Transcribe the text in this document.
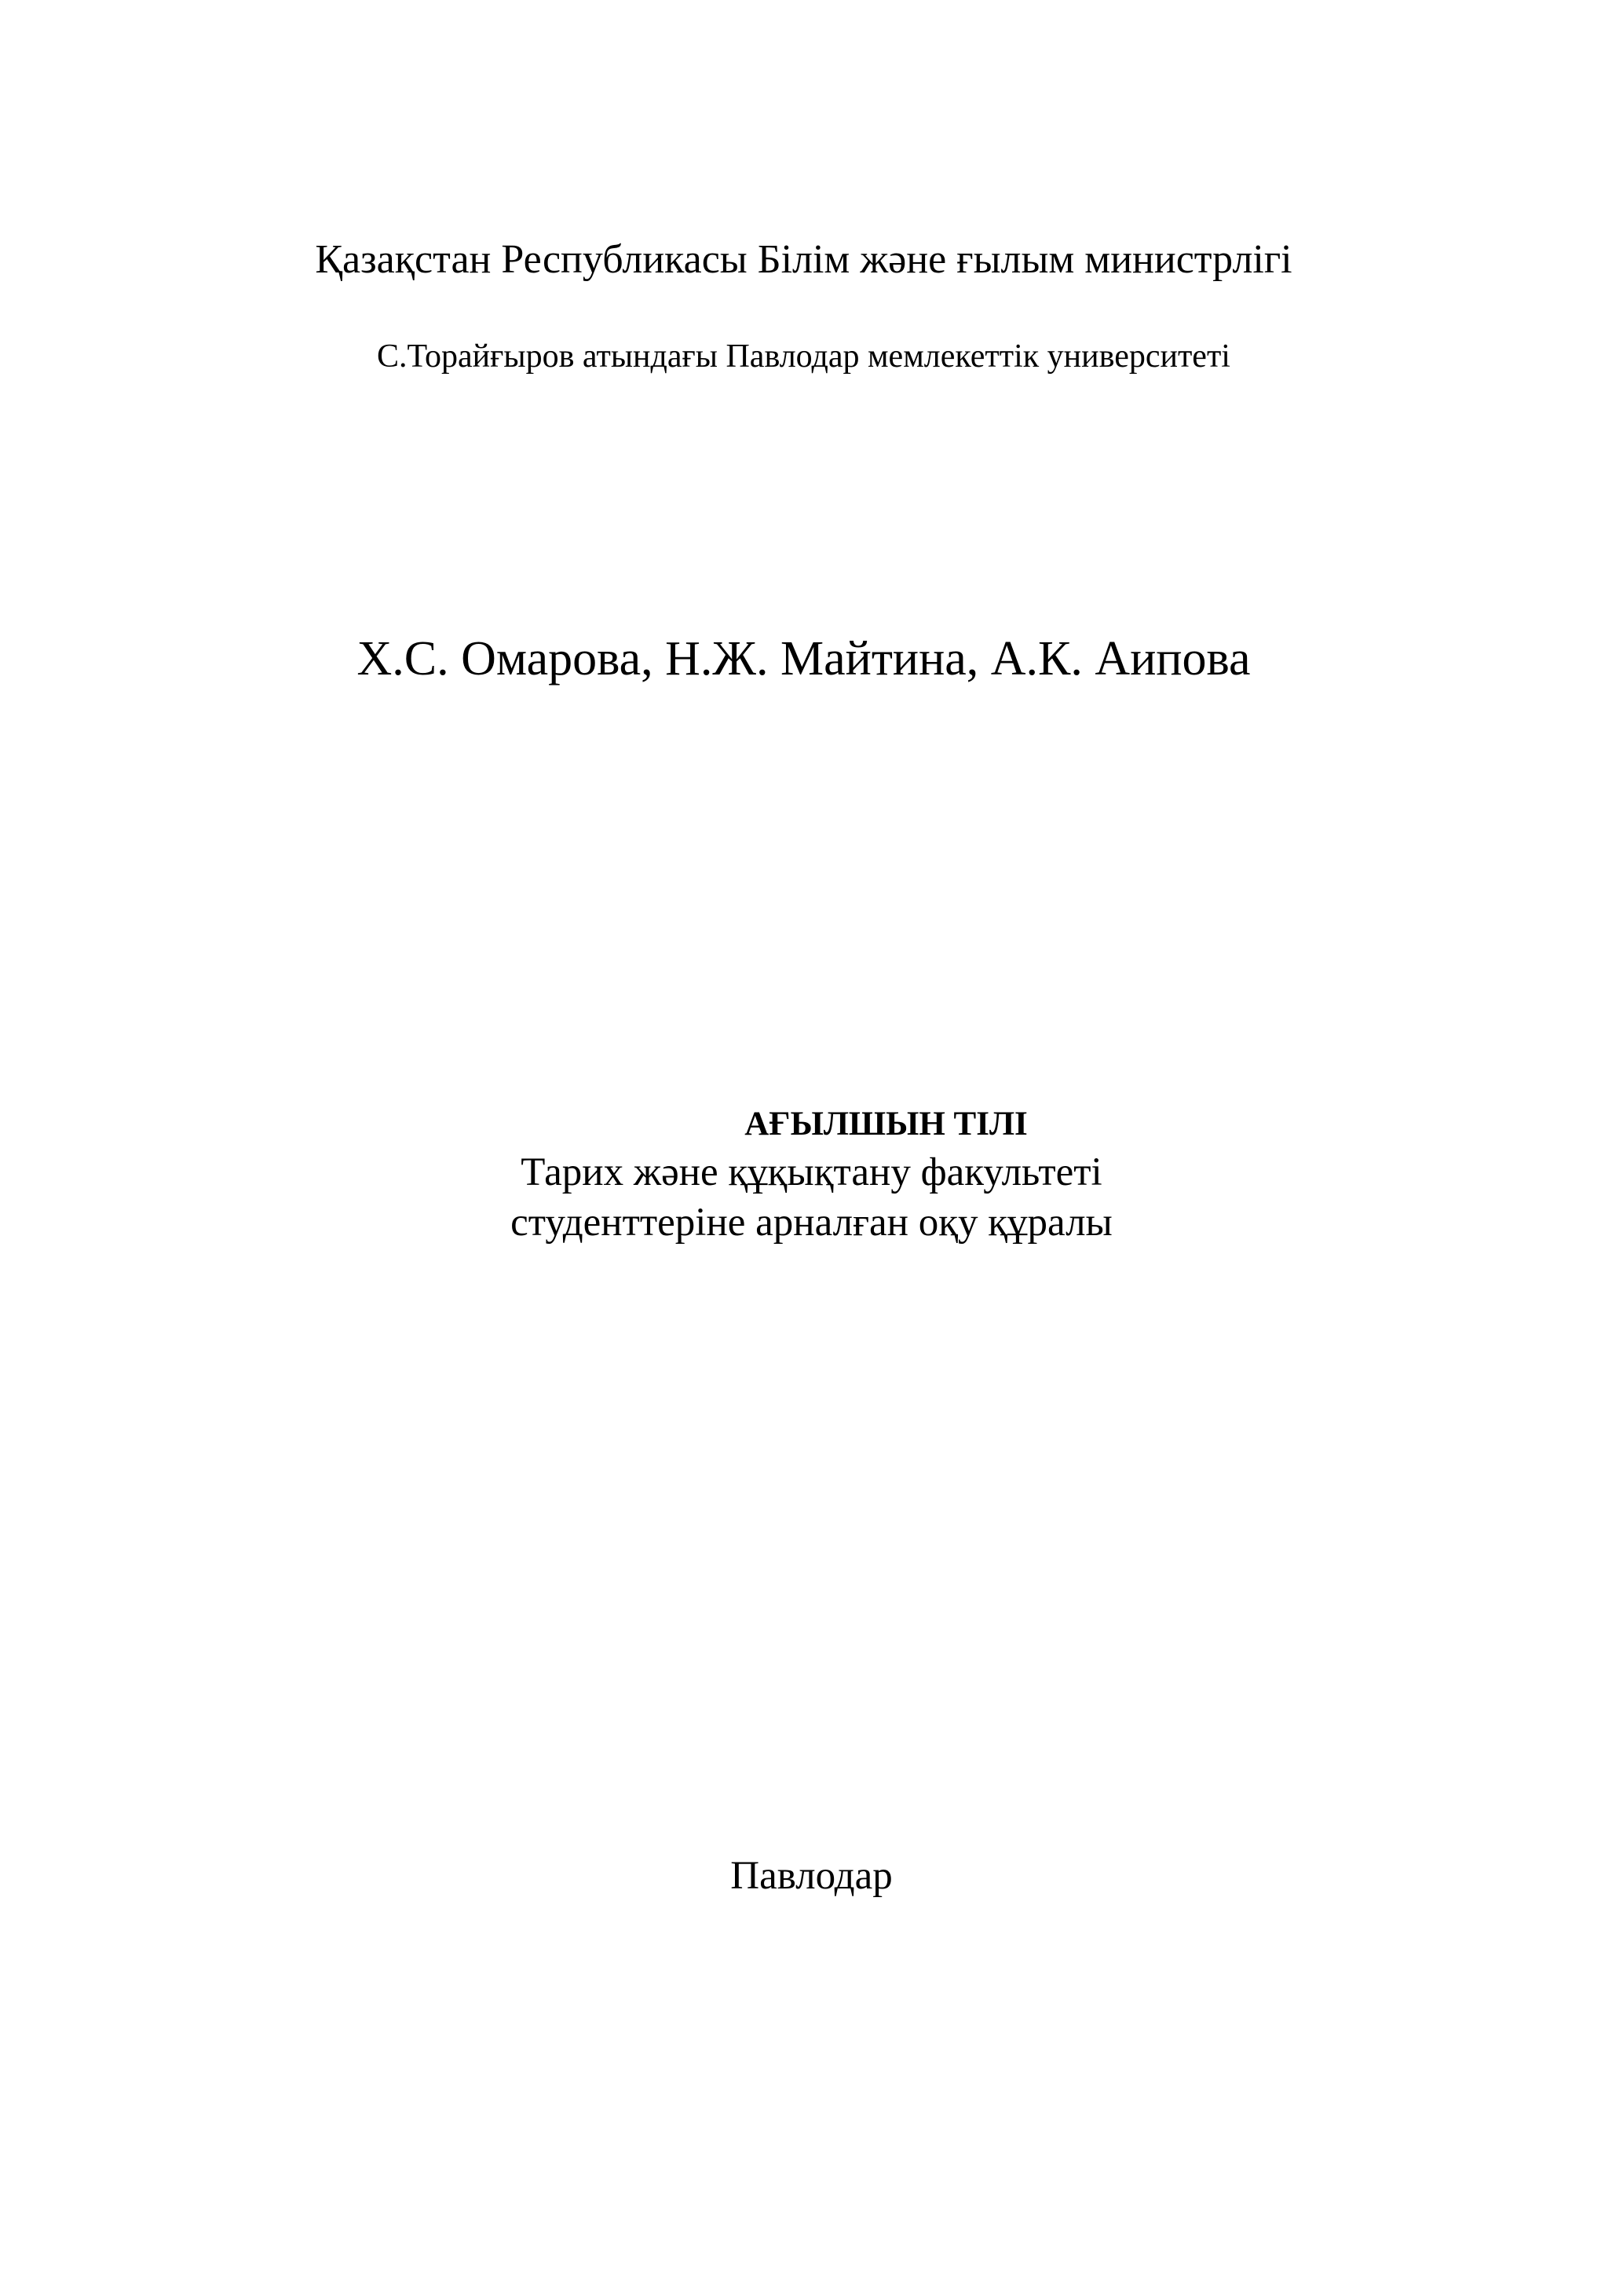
Қазақстан Республикасы Білім және ғылым министрлігі
С.Торайғыров атындағы Павлодар мемлекеттік университеті
Х.С. Омарова, Н.Ж. Майтина, А.К. Аипова
АҒЫЛШЫН ТІЛІ
Тарих және құқықтану факультеті
студенттеріне арналған оқу құралы
Павлодар
